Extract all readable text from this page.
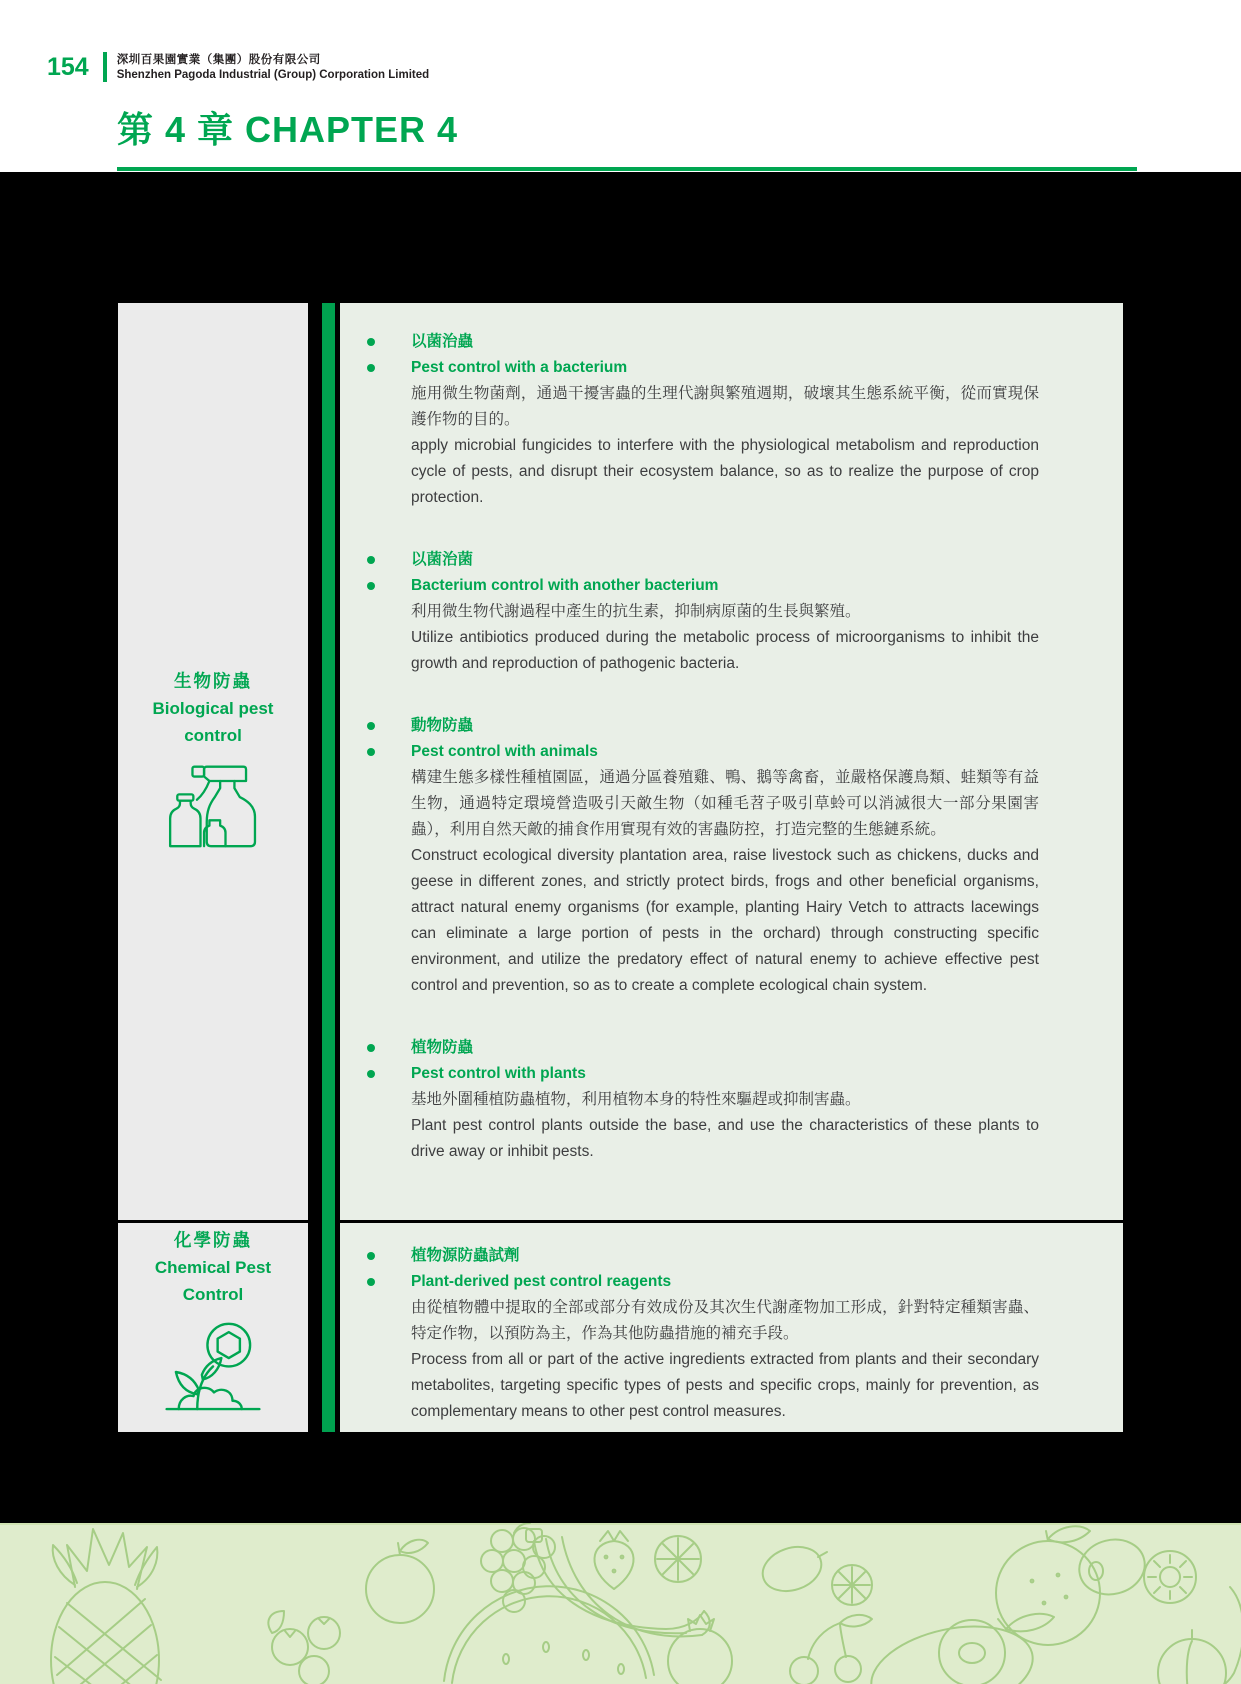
154 深圳百果園實業（集團）股份有限公司
Shenzhen Pagoda Industrial (Group) Corporation Limited
第 4 章 CHAPTER 4
生物防蟲
Biological pest control
化學防蟲
Chemical Pest Control
以菌治蟲
Pest control with a bacterium
施用微生物菌劑，通過干擾害蟲的生理代謝與繁殖週期，破壞其生態系統平衡，從而實現保護作物的目的。
apply microbial fungicides to interfere with the physiological metabolism and reproduction cycle of pests, and disrupt their ecosystem balance, so as to realize the purpose of crop protection.
以菌治菌
Bacterium control with another bacterium
利用微生物代謝過程中產生的抗生素，抑制病原菌的生長與繁殖。
Utilize antibiotics produced during the metabolic process of microorganisms to inhibit the growth and reproduction of pathogenic bacteria.
動物防蟲
Pest control with animals
構建生態多樣性種植園區，通過分區養殖雞、鴨、鵝等禽畜，並嚴格保護鳥類、蛙類等有益生物，通過特定環境營造吸引天敵生物（如種毛苕子吸引草蛉可以消滅很大一部分果園害蟲），利用自然天敵的捕食作用實現有效的害蟲防控，打造完整的生態鏈系統。
Construct ecological diversity plantation area, raise livestock such as chickens, ducks and geese in different zones, and strictly protect birds, frogs and other beneficial organisms, attract natural enemy organisms (for example, planting Hairy Vetch to attracts lacewings can eliminate a large portion of pests in the orchard) through constructing specific environment, and utilize the predatory effect of natural enemy to achieve effective pest control and prevention, so as to create a complete ecological chain system.
植物防蟲
Pest control with plants
基地外圍種植防蟲植物，利用植物本身的特性來驅趕或抑制害蟲。
Plant pest control plants outside the base, and use the characteristics of these plants to drive away or inhibit pests.
植物源防蟲試劑
Plant-derived pest control reagents
由從植物體中提取的全部或部分有效成份及其次生代謝產物加工形成，針對特定種類害蟲、特定作物，以預防為主，作為其他防蟲措施的補充手段。
Process from all or part of the active ingredients extracted from plants and their secondary metabolites, targeting specific types of pests and specific crops, mainly for prevention, as complementary means to other pest control measures.
